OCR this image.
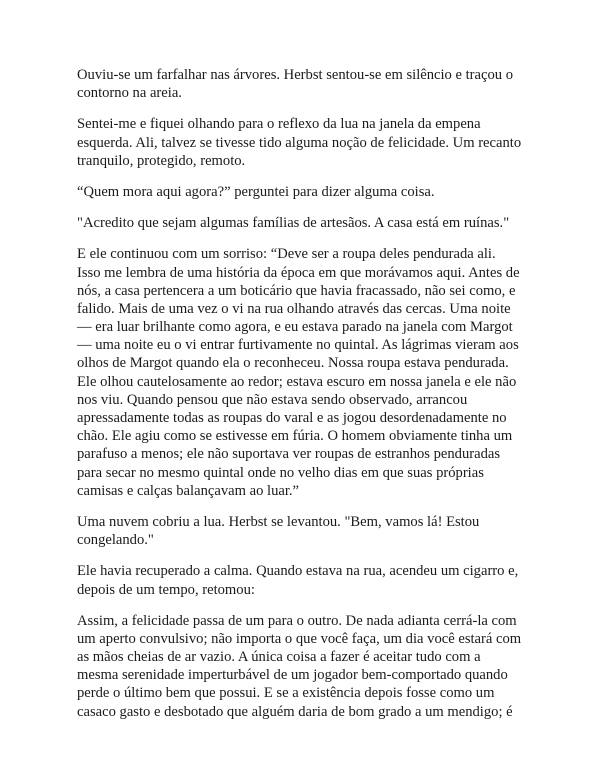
Ouviu-se um farfalhar nas árvores. Herbst sentou-se em silêncio e traçou o
contorno na areia.

Sentei-me e fiquei olhando para o reflexo da lua na janela da empena
esquerda. Ali, talvez se tivesse tido alguma noção de felicidade. Um recanto
tranquilo, protegido, remoto.

“Quem mora aqui agora?” perguntei para dizer alguma coisa.

"Acredito que sejam algumas famílias de artesãos. A casa está em ruínas."

E ele continuou com um sorriso: “Deve ser a roupa deles pendurada ali.
Isso me lembra de uma história da época em que morávamos aqui. Antes de
nós, a casa pertencera a um boticário que havia fracassado, não sei como, e
falido. Mais de uma vez o vi na rua olhando através das cercas. Uma noite
— era luar brilhante como agora, e eu estava parado na janela com Margot
— uma noite eu o vi entrar furtivamente no quintal. As lágrimas vieram aos
olhos de Margot quando ela o reconheceu. Nossa roupa estava pendurada.
Ele olhou cautelosamente ao redor; estava escuro em nossa janela e ele não
nos viu. Quando pensou que não estava sendo observado, arrancou
apressadamente todas as roupas do varal e as jogou desordenadamente no
chão. Ele agiu como se estivesse em fúria. O homem obviamente tinha um
parafuso a menos; ele não suportava ver roupas de estranhos penduradas
para secar no mesmo quintal onde no velho dias em que suas próprias
camisas e calças balançavam ao luar.”

Uma nuvem cobriu a lua. Herbst se levantou. "Bem, vamos lá! Estou
congelando."

Ele havia recuperado a calma. Quando estava na rua, acendeu um cigarro e,
depois de um tempo, retomou:

Assim, a felicidade passa de um para o outro. De nada adianta cerrá-la com
um aperto convulsivo; não importa o que você faça, um dia você estará com
as mãos cheias de ar vazio. A única coisa a fazer é aceitar tudo com a
mesma serenidade imperturbável de um jogador bem-comportado quando
perde o último bem que possui. E se a existência depois fosse como um
casaco gasto e desbotado que alguém daria de bom grado a um mendigo; é
